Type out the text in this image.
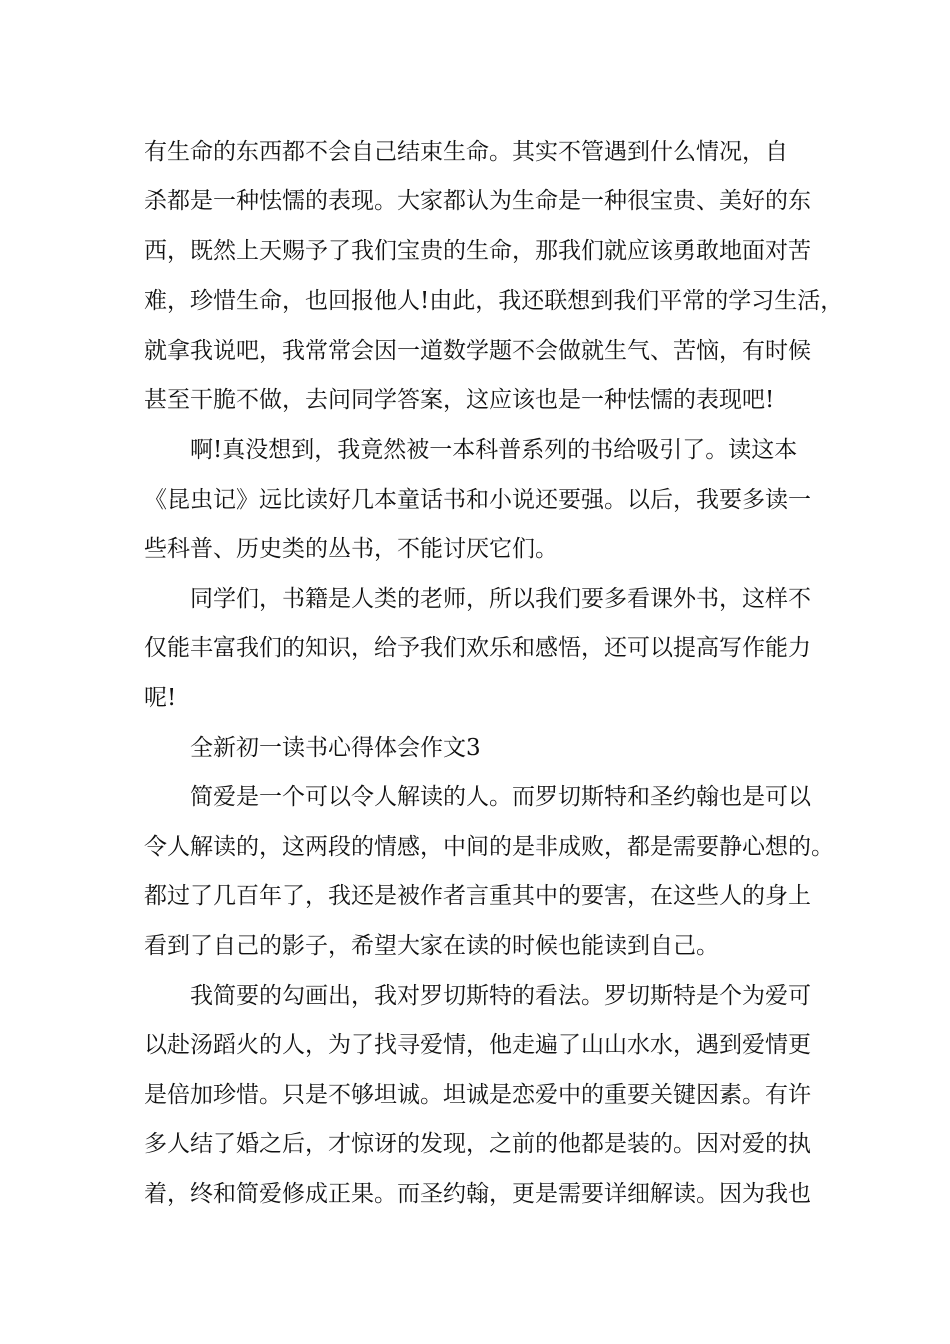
有生命的东西都不会自己结束生命。其实不管遇到什么情况，自
杀都是一种怯懦的表现。大家都认为生命是一种很宝贵、美好的东
西，既然上天赐予了我们宝贵的生命，那我们就应该勇敢地面对苦
难，珍惜生命，也回报他人!由此，我还联想到我们平常的学习生活，
就拿我说吧，我常常会因一道数学题不会做就生气、苦恼，有时候
甚至干脆不做，去问同学答案，这应该也是一种怯懦的表现吧!
啊!真没想到，我竟然被一本科普系列的书给吸引了。读这本
《昆虫记》远比读好几本童话书和小说还要强。以后，我要多读一
些科普、历史类的丛书，不能讨厌它们。
同学们，书籍是人类的老师，所以我们要多看课外书，这样不
仅能丰富我们的知识，给予我们欢乐和感悟，还可以提高写作能力
呢!
全新初一读书心得体会作文3
简爱是一个可以令人解读的人。而罗切斯特和圣约翰也是可以
令人解读的，这两段的情感，中间的是非成败，都是需要静心想的。
都过了几百年了，我还是被作者言重其中的要害，在这些人的身上
看到了自己的影子，希望大家在读的时候也能读到自己。
我简要的勾画出，我对罗切斯特的看法。罗切斯特是个为爱可
以赴汤蹈火的人，为了找寻爱情，他走遍了山山水水，遇到爱情更
是倍加珍惜。只是不够坦诚。坦诚是恋爱中的重要关键因素。有许
多人结了婚之后，才惊讶的发现，之前的他都是装的。因对爱的执
着，终和简爱修成正果。而圣约翰，更是需要详细解读。因为我也
